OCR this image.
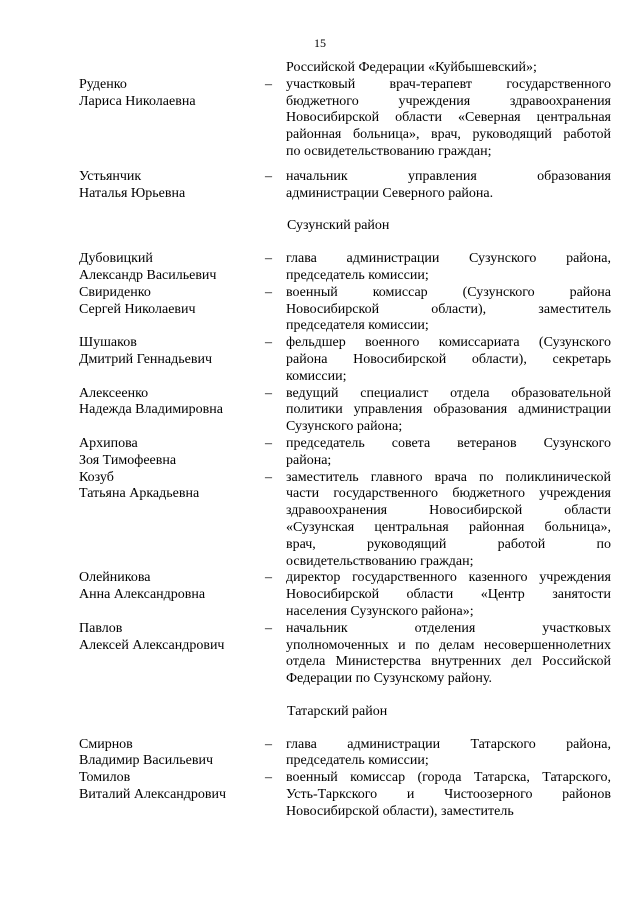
15
Российской Федерации «Куйбышевский»;
Руденко
Лариса Николаевна
–	участковый врач-терапевт государственного
бюджетного учреждения здравоохранения
Новосибирской области «Северная центральная
районная больница», врач, руководящий работой
по освидетельствованию граждан;
Устьянчик
Наталья Юрьевна
–	начальник управления образования
администрации Северного района.
Сузунский район
Дубовицкий
Александр Васильевич
–	глава администрации Сузунского района,
председатель комиссии;
Свириденко
Сергей Николаевич
–	военный комиссар (Сузунского района
Новосибирской области), заместитель
председателя комиссии;
Шушаков
Дмитрий Геннадьевич
–	фельдшер военного комиссариата (Сузунского
района Новосибирской области), секретарь
комиссии;
Алексеенко
Надежда Владимировна
–	ведущий специалист отдела образовательной
политики управления образования администрации
Сузунского района;
Архипова
Зоя Тимофеевна
–	председатель совета ветеранов Сузунского
района;
Козуб
Татьяна Аркадьевна
–	заместитель главного врача по поликлинической
части государственного бюджетного учреждения
здравоохранения Новосибирской области
«Сузунская центральная районная больница»,
врач, руководящий работой по
освидетельствованию граждан;
Олейникова
Анна Александровна
–	директор государственного казенного учреждения
Новосибирской области «Центр занятости
населения Сузунского района»;
Павлов
Алексей Александрович
–	начальник отделения участковых
уполномоченных и по делам несовершеннолетних
отдела Министерства внутренних дел Российской
Федерации по Сузунскому району.
Татарский район
Смирнов
Владимир Васильевич
–	глава администрации Татарского района,
председатель комиссии;
Томилов
Виталий Александрович
–	военный комиссар (города Татарска, Татарского,
Усть-Таркского и Чистоозерного районов
Новосибирской области), заместитель
